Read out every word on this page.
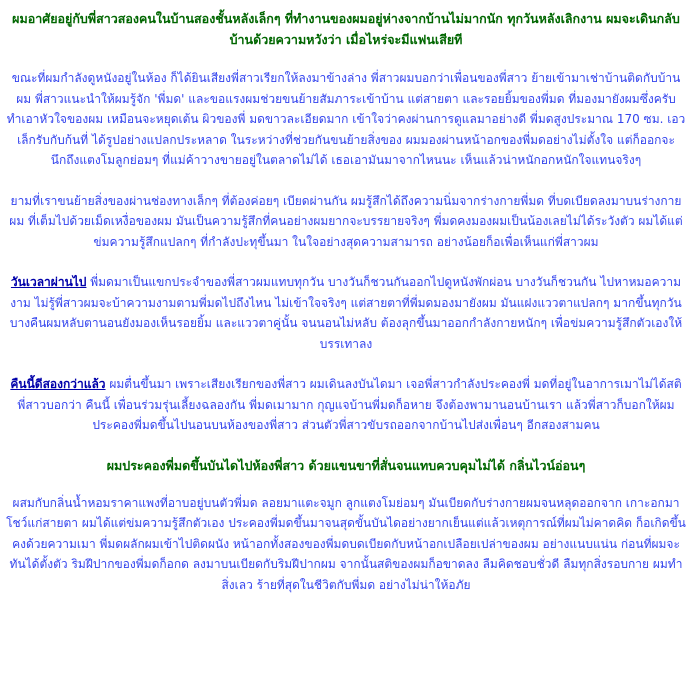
ผมอาศัยอยู่กับพี่สาวสองคนในบ้านสองชั้นหลังเล็กๆ ที่ทำงานของผมอยู่ห่างจากบ้านไม่มากนัก ทุกวันหลังเลิกงาน ผมจะเดินกลับบ้านด้วยความหวังว่า เมื่อไหร่จะมีแฟนเสียที

ขณะที่ผมกำลังดูหนังอยู่ในห้อง ก็ได้ยินเสียงพี่สาวเรียกให้ลงมาข้างล่าง พี่สาวผมบอกว่าเพื่อนของพี่สาว ย้ายเข้ามาเช่าบ้านติดกับบ้านผม พี่สาวแนะนำให้ผมรู้จัก 'พี่มด' และขอแรงผมช่วยขนย้ายสัมภาระเข้าบ้าน แต่สายตา และรอยยิ้มของพี่มด ที่มองมายังผมซึ่งครับ ทำเอาหัวใจของผม เหมือนจะหยุดเต้น ผิวของพี่ มดขาวละเอียดมาก เข้าใจว่าคงผ่านการดูแลมาอย่างดี พี่มดสูงประมาณ 170 ซม. เอวเล็กรับกับก้นที่ ได้รูปอย่างแปลกประหลาด ในระหว่างที่ช่วยกันขนย้ายสิ่งของ ผมมองผ่านหน้าอกของพี่มดอย่างไม่ตั้งใจ แต่ก็ออกจะนึกถึงแตงโมลูกย่อมๆ ที่แม่ค้าวางขายอยู่ในตลาดไม่ได้ เธอเอามันมาจากไหนนะ เห็นแล้วน่าหนักอกหนักใจแทนจริงๆ

ยามที่เราขนย้ายสิ่งของผ่านช่องทางเล็กๆ ที่ต้องค่อยๆ เบียดผ่านกัน ผมรู้สึกได้ถึงความนิ่มจากร่างกายพี่มด ที่บดเบียดลงมาบนร่างกายผม ที่เต็มไปด้วยเม็ดเหงื่อของผม มันเป็นความรู้สึกที่คนอย่างผมยากจะบรรยายจริงๆ พี่มดคงมองผมเป็นน้องเลยไม่ได้ระวังตัว ผมได้แต่ข่มความรู้สึกแปลกๆ ที่กำลังปะทุขึ้นมา ในใจอย่างสุดความสามารถ อย่างน้อยก็อเพื่อเห็นแก่พี่สาวผม

วันเวลาผ่านไป พี่มดมาเป็นแขกประจำของพี่สาวผมแทบทุกวัน บางวันก็ชวนกันออกไปดูหนังพักผ่อน บางวันก็ชวนกัน ไปหาหมอความงาม ไม่รู้พี่สาวผมจะบ้าความงามตามพี่มดไปถึงไหน ไม่เข้าใจจริงๆ แต่สายตาที่พี่มดมองมายังผม มันแฝงแววตาแปลกๆ มากขึ้นทุกวัน บางคืนผมหลับตานอนยังมองเห็นรอยยิ้ม และแววตาคู่นั้น จนนอนไม่หลับ ต้องลุกขึ้นมาออกกำลังกายหนักๆ เพื่อข่มความรู้สึกตัวเองให้บรรเทาลง

คืนนี้ดีสองกว่าแล้ว ผมตื่นขึ้นมา เพราะเสียงเรียกของพี่สาว ผมเดินลงบันไดมา เจอพี่สาวกำลังประคองพี่ มดที่อยู่ในอาการเมาไม่ได้สติ พี่สาวบอกว่า คืนนี้ เพื่อนร่วมรุ่นเลี้ยงฉลองกัน พี่มดเมามาก กุญแจบ้านพี่มดก็อหาย จึงต้องพามานอนบ้านเรา แล้วพี่สาวก็บอกให้ผม ประคองพี่มดขึ้นไปนอนบนห้องของพี่สาว ส่วนตัวพี่สาวขับรถออกจากบ้านไปส่งเพื่อนๆ อีกสองสามคน

ผมประคองพี่มดขึ้นบันไดไปห้องพี่สาว ด้วยแขนขาที่สั่นจนแทบควบคุมไม่ได้ กลิ่นไวน์อ่อนๆ

ผสมกับกลิ่นน้ำหอมราคาแพงที่อาบอยู่บนตัวพี่มด ลอยมาแตะจมูก ลูกแตงโมย่อมๆ มันเบียดกับร่างกายผมจนหลุดออกจาก เกาะอกมาโชว์แก่สายตา ผมได้แต่ข่มความรู้สึกตัวเอง ประคองพี่มดขึ้นมาจนสุดขั้นบันไดอย่างยากเย็นแต่แล้วเหตุการณ์ที่ผมไม่คาดคิด ก็อเกิดขึ้นคงด้วยความเมา พี่มดผลักผมเข้าไปติดผนัง หน้าอกทั้งสองของพี่มดบดเบียดกับหน้าอกเปลือยเปล่าของผม อย่างแนบแน่น ก่อนที่ผมจะทันได้ตั้งตัว ริมฝีปากของพี่มดก็อกด ลงมาบนเบียดกับริมฝีปากผม จากนั้นสติของผมก็อขาดลง ลืมคิดชอบชั่วดี ลืมทุกสิ่งรอบกาย ผมทำสิ่งเลว ร้ายที่สุดในชีวิตกับพี่มด อย่างไม่น่าให้อภัย
